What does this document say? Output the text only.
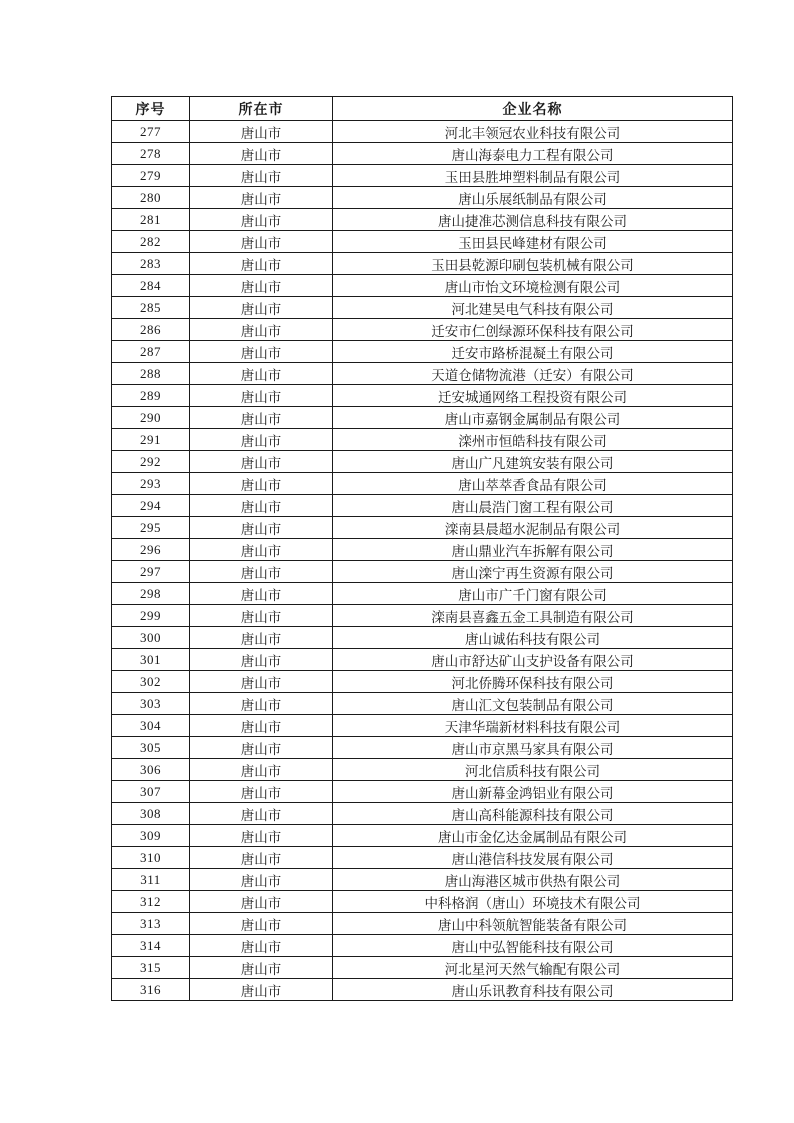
序号	所在市	企业名称
277	唐山市	河北丰领冠农业科技有限公司
278	唐山市	唐山海泰电力工程有限公司
279	唐山市	玉田县胜坤塑料制品有限公司
280	唐山市	唐山乐展纸制品有限公司
281	唐山市	唐山捷准芯测信息科技有限公司
282	唐山市	玉田县民峰建材有限公司
283	唐山市	玉田县乾源印刷包装机械有限公司
284	唐山市	唐山市怡文环境检测有限公司
285	唐山市	河北建昊电气科技有限公司
286	唐山市	迁安市仁创绿源环保科技有限公司
287	唐山市	迁安市路桥混凝土有限公司
288	唐山市	天道仓储物流港（迁安）有限公司
289	唐山市	迁安城通网络工程投资有限公司
290	唐山市	唐山市嘉钢金属制品有限公司
291	唐山市	滦州市恒皓科技有限公司
292	唐山市	唐山广凡建筑安装有限公司
293	唐山市	唐山萃萃香食品有限公司
294	唐山市	唐山晨浩门窗工程有限公司
295	唐山市	滦南县晨超水泥制品有限公司
296	唐山市	唐山鼎业汽车拆解有限公司
297	唐山市	唐山滦宁再生资源有限公司
298	唐山市	唐山市广千门窗有限公司
299	唐山市	滦南县喜鑫五金工具制造有限公司
300	唐山市	唐山诚佑科技有限公司
301	唐山市	唐山市舒达矿山支护设备有限公司
302	唐山市	河北侨腾环保科技有限公司
303	唐山市	唐山汇文包装制品有限公司
304	唐山市	天津华瑞新材料科技有限公司
305	唐山市	唐山市京黑马家具有限公司
306	唐山市	河北信质科技有限公司
307	唐山市	唐山新幕金鸿铝业有限公司
308	唐山市	唐山高科能源科技有限公司
309	唐山市	唐山市金亿达金属制品有限公司
310	唐山市	唐山港信科技发展有限公司
311	唐山市	唐山海港区城市供热有限公司
312	唐山市	中科格润（唐山）环境技术有限公司
313	唐山市	唐山中科领航智能装备有限公司
314	唐山市	唐山中弘智能科技有限公司
315	唐山市	河北星河天然气输配有限公司
316	唐山市	唐山乐讯教育科技有限公司
